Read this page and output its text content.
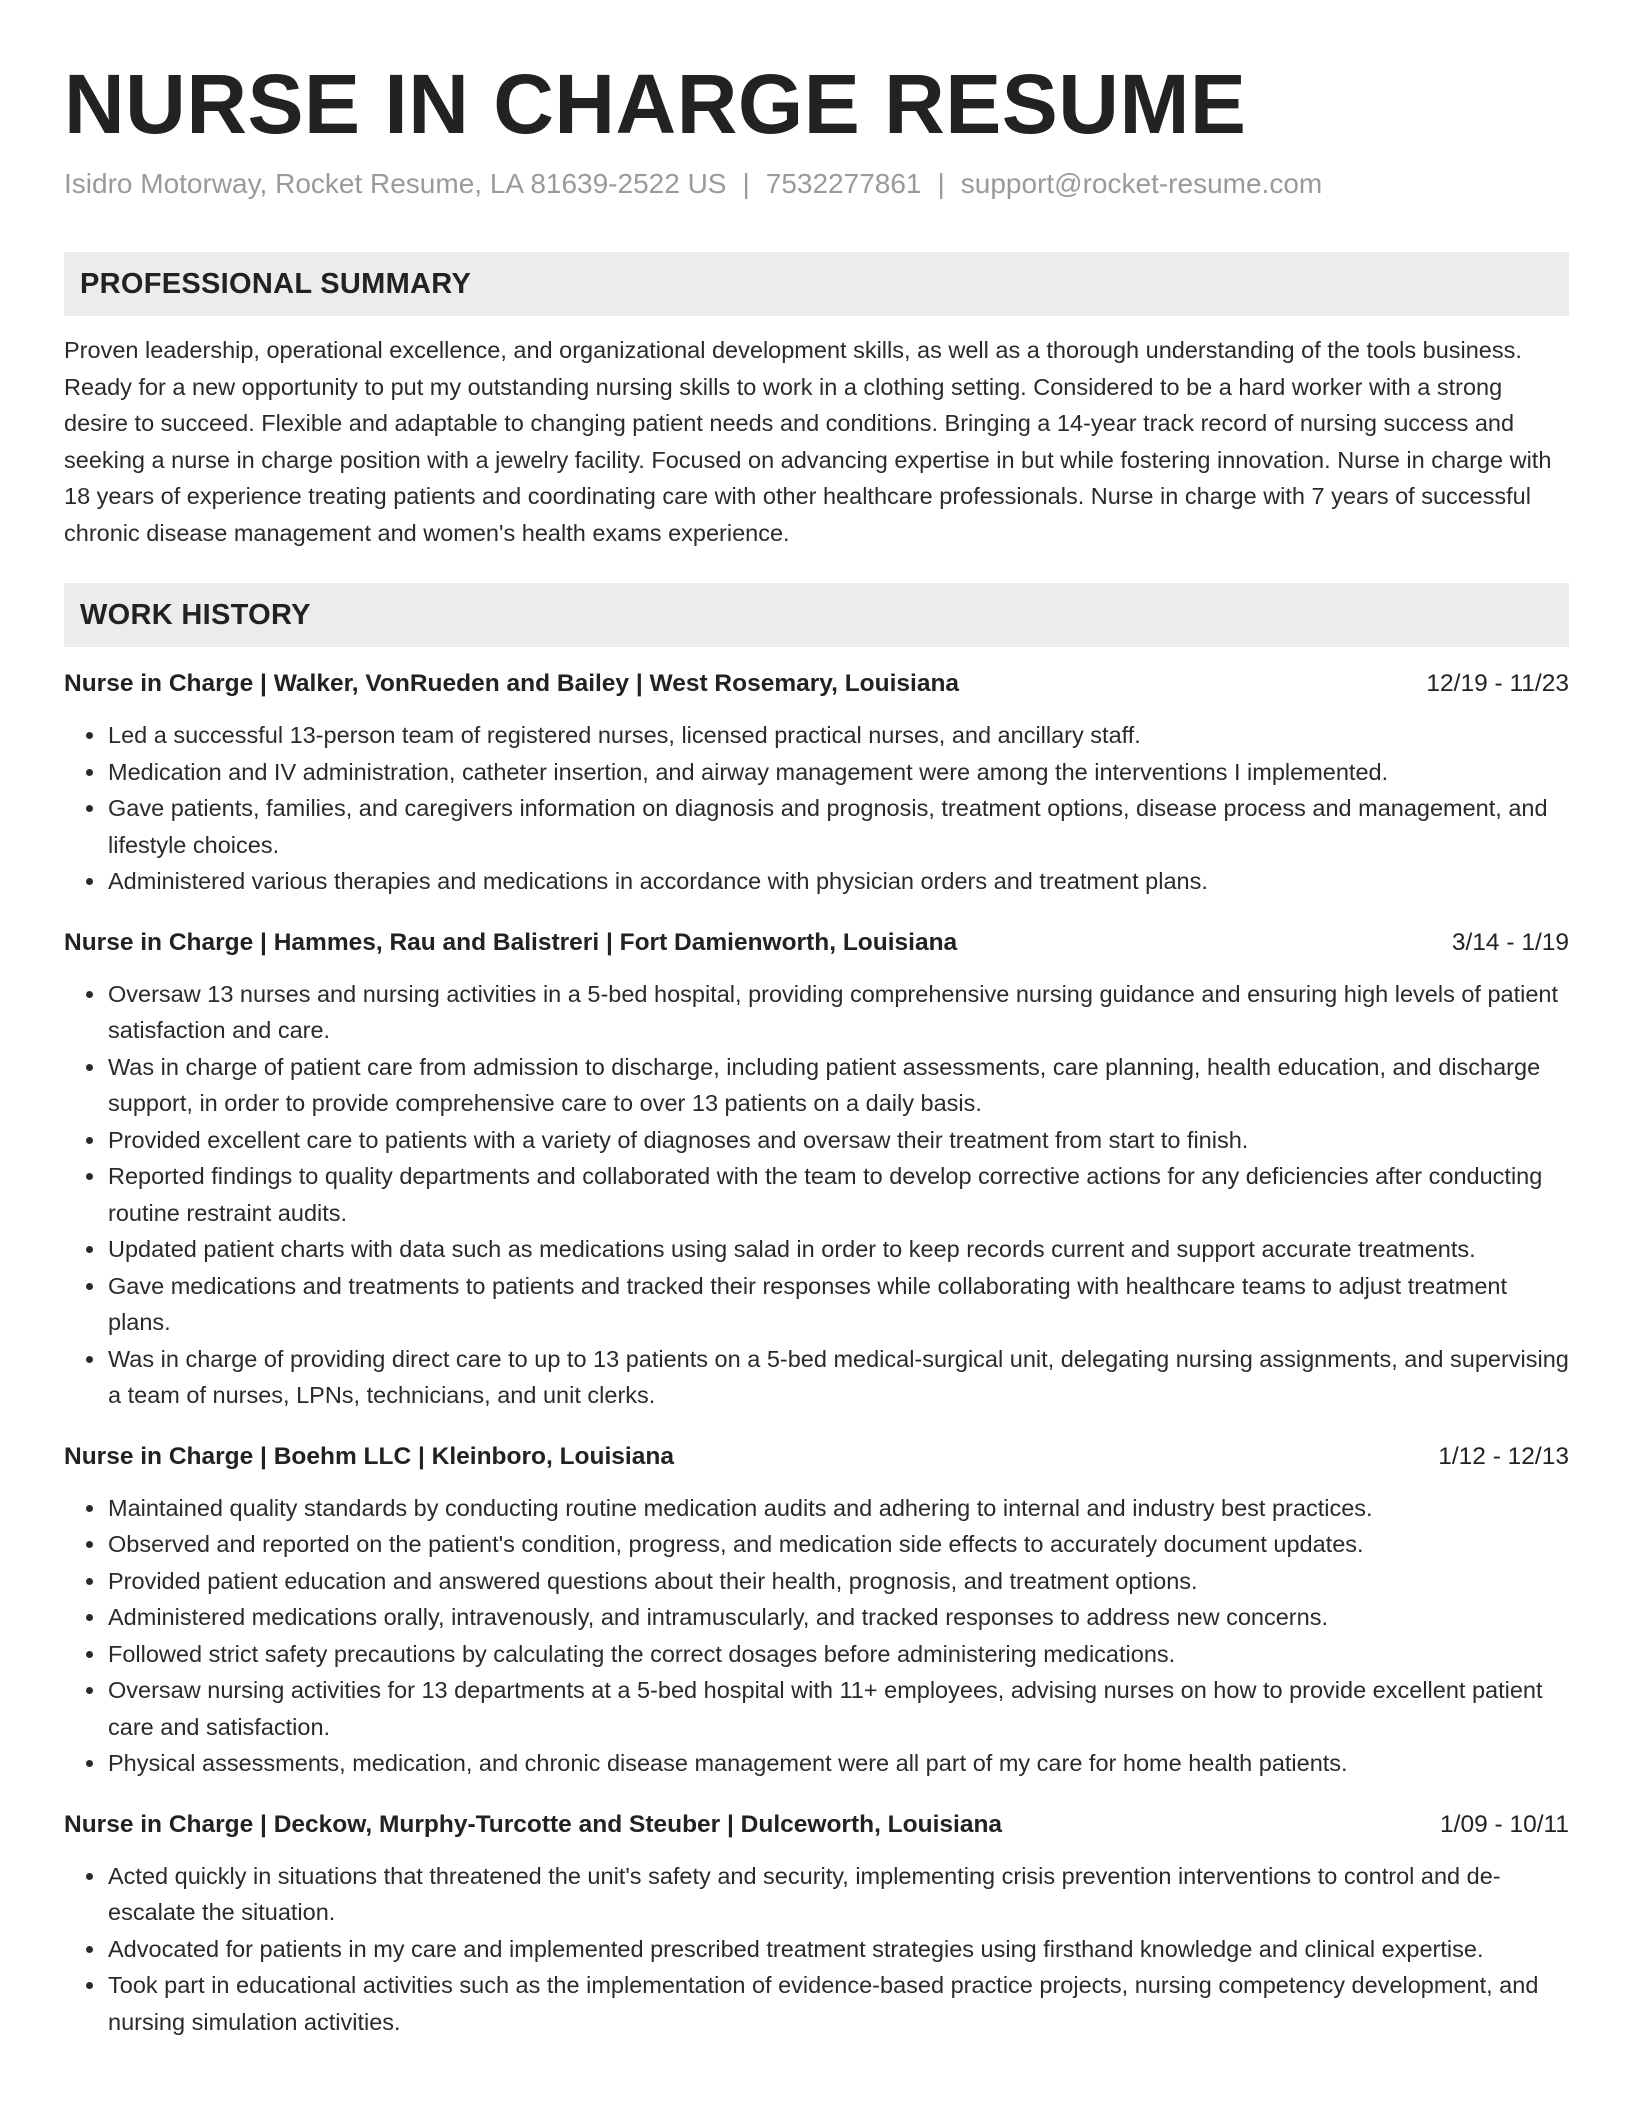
NURSE IN CHARGE RESUME
Isidro Motorway, Rocket Resume, LA 81639-2522 US | 7532277861 | support@rocket-resume.com
PROFESSIONAL SUMMARY

Proven leadership, operational excellence, and organizational development skills, as well as a thorough understanding of the tools business. Ready for a new opportunity to put my outstanding nursing skills to work in a clothing setting. Considered to be a hard worker with a strong desire to succeed. Flexible and adaptable to changing patient needs and conditions. Bringing a 14-year track record of nursing success and seeking a nurse in charge position with a jewelry facility. Focused on advancing expertise in but while fostering innovation. Nurse in charge with 18 years of experience treating patients and coordinating care with other healthcare professionals. Nurse in charge with 7 years of successful chronic disease management and women's health exams experience.

WORK HISTORY
Nurse in Charge | Walker, VonRueden and Bailey | West Rosemary, Louisiana	12/19 - 11/23
• Led a successful 13-person team of registered nurses, licensed practical nurses, and ancillary staff.
• Medication and IV administration, catheter insertion, and airway management were among the interventions I implemented.
• Gave patients, families, and caregivers information on diagnosis and prognosis, treatment options, disease process and management, and lifestyle choices.
• Administered various therapies and medications in accordance with physician orders and treatment plans.
Nurse in Charge | Hammes, Rau and Balistreri | Fort Damienworth, Louisiana	3/14 - 1/19
• Oversaw 13 nurses and nursing activities in a 5-bed hospital, providing comprehensive nursing guidance and ensuring high levels of patient satisfaction and care.
• Was in charge of patient care from admission to discharge, including patient assessments, care planning, health education, and discharge support, in order to provide comprehensive care to over 13 patients on a daily basis.
• Provided excellent care to patients with a variety of diagnoses and oversaw their treatment from start to finish.
• Reported findings to quality departments and collaborated with the team to develop corrective actions for any deficiencies after conducting routine restraint audits.
• Updated patient charts with data such as medications using salad in order to keep records current and support accurate treatments.
• Gave medications and treatments to patients and tracked their responses while collaborating with healthcare teams to adjust treatment plans.
• Was in charge of providing direct care to up to 13 patients on a 5-bed medical-surgical unit, delegating nursing assignments, and supervising a team of nurses, LPNs, technicians, and unit clerks.
Nurse in Charge | Boehm LLC | Kleinboro, Louisiana	1/12 - 12/13
• Maintained quality standards by conducting routine medication audits and adhering to internal and industry best practices.
• Observed and reported on the patient's condition, progress, and medication side effects to accurately document updates.
• Provided patient education and answered questions about their health, prognosis, and treatment options.
• Administered medications orally, intravenously, and intramuscularly, and tracked responses to address new concerns.
• Followed strict safety precautions by calculating the correct dosages before administering medications.
• Oversaw nursing activities for 13 departments at a 5-bed hospital with 11+ employees, advising nurses on how to provide excellent patient care and satisfaction.
• Physical assessments, medication, and chronic disease management were all part of my care for home health patients.
Nurse in Charge | Deckow, Murphy-Turcotte and Steuber | Dulceworth, Louisiana	1/09 - 10/11
• Acted quickly in situations that threatened the unit's safety and security, implementing crisis prevention interventions to control and de-escalate the situation.
• Advocated for patients in my care and implemented prescribed treatment strategies using firsthand knowledge and clinical expertise.
• Took part in educational activities such as the implementation of evidence-based practice projects, nursing competency development, and nursing simulation activities.
